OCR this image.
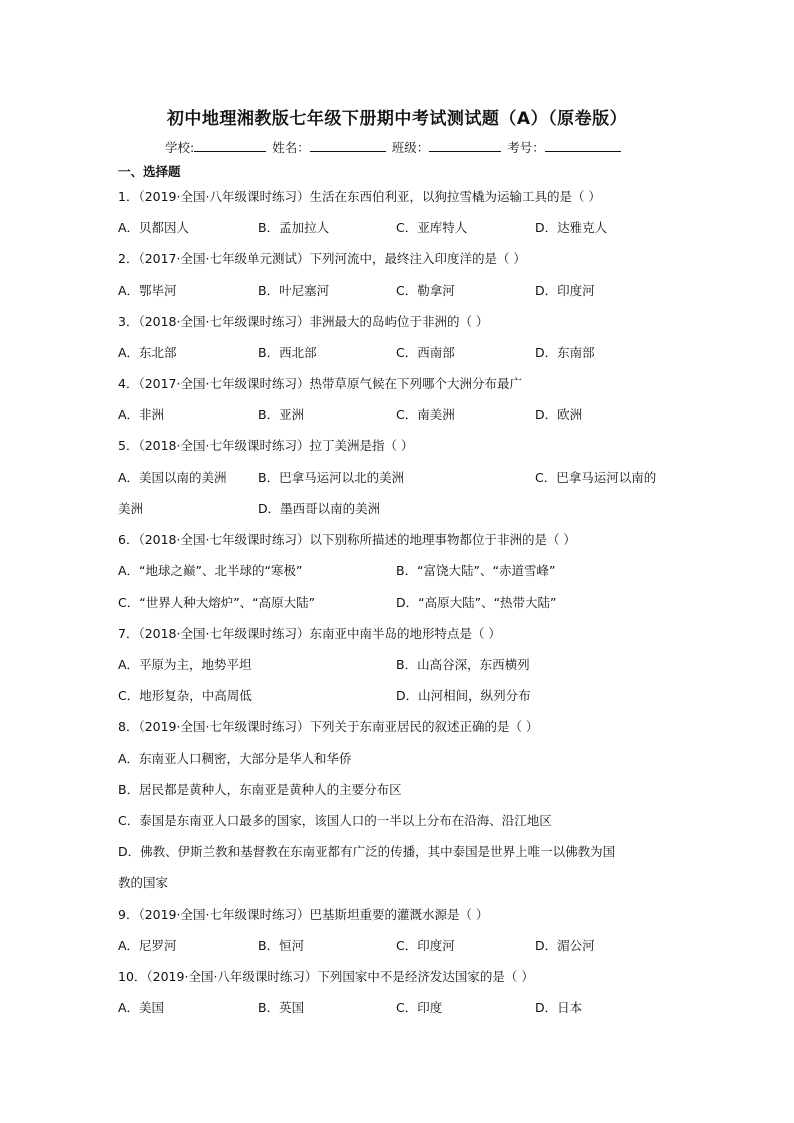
初中地理湘教版七年级下册期中考试测试题（A）（原卷版）
学校:	姓名：	班级：	考号：
一、选择题
1．（2019·全国·八年级课时练习）生活在东西伯利亚，以狗拉雪橇为运输工具的是（ ）
A．贝都因人	B．孟加拉人	C．亚库特人	D．达雅克人
2．（2017·全国·七年级单元测试）下列河流中，最终注入印度洋的是（ ）
A．鄂毕河	B．叶尼塞河	C．勒拿河	D．印度河
3．（2018·全国·七年级课时练习）非洲最大的岛屿位于非洲的（ ）
A．东北部	B．西北部	C．西南部	D．东南部
4．（2017·全国·七年级课时练习）热带草原气候在下列哪个大洲分布最广
A．非洲	B．亚洲	C．南美洲	D．欧洲
5．（2018·全国·七年级课时练习）拉丁美洲是指（ ）
A．美国以南的美洲	B．巴拿马运河以北的美洲	C．巴拿马运河以南的
美洲	D．墨西哥以南的美洲
6．（2018·全国·七年级课时练习）以下别称所描述的地理事物都位于非洲的是（ ）
A．“地球之巅”、北半球的“寒极”	B．“富饶大陆”、“赤道雪峰”
C．“世界人种大熔炉”、“高原大陆”	D．“高原大陆”、“热带大陆”
7．（2018·全国·七年级课时练习）东南亚中南半岛的地形特点是（ ）
A．平原为主，地势平坦	B．山高谷深，东西横列
C．地形复杂，中高周低	D．山河相间，纵列分布
8．（2019·全国·七年级课时练习）下列关于东南亚居民的叙述正确的是（ ）
A．东南亚人口稠密，大部分是华人和华侨
B．居民都是黄种人，东南亚是黄种人的主要分布区
C．泰国是东南亚人口最多的国家，该国人口的一半以上分布在沿海、沿江地区
D．佛教、伊斯兰教和基督教在东南亚都有广泛的传播，其中泰国是世界上唯一以佛教为国
教的国家
9．（2019·全国·七年级课时练习）巴基斯坦重要的灌溉水源是（ ）
A．尼罗河	B．恒河	C．印度河	D．湄公河
10．（2019·全国·八年级课时练习）下列国家中不是经济发达国家的是（ ）
A．美国	B．英国	C．印度	D．日本
